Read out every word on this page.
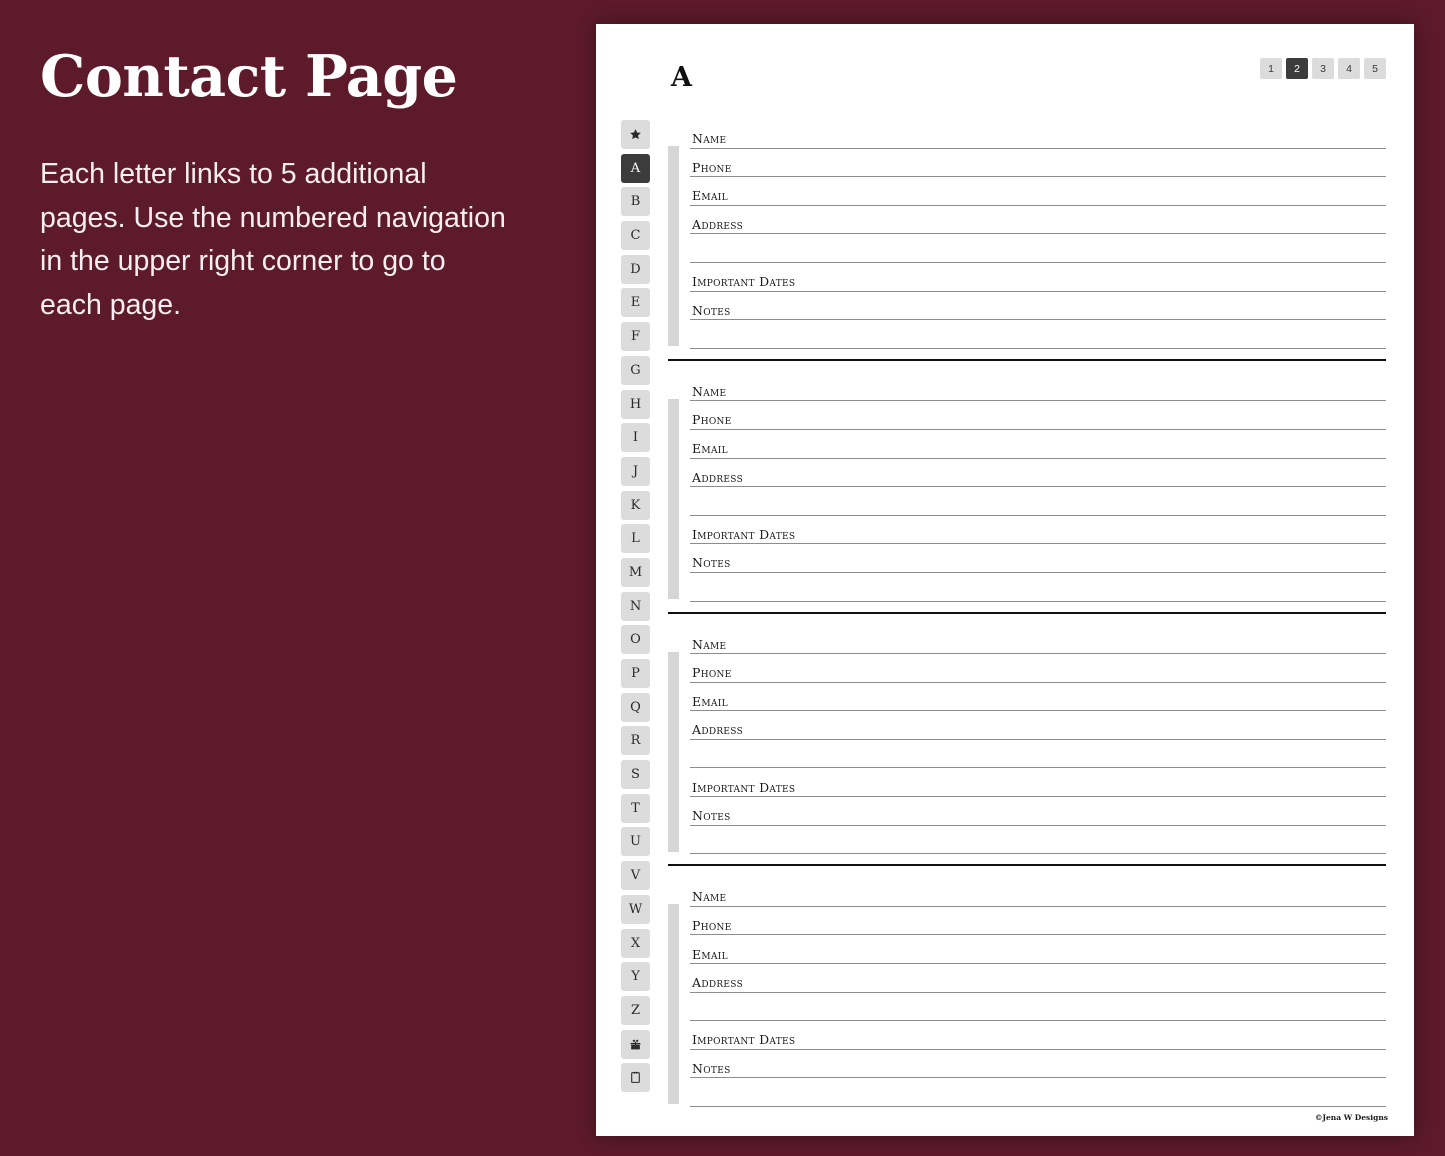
Contact Page

Each letter links to 5 additional pages. Use the numbered navigation in the upper right corner to go to each page.

A	1	2	3	4	5
A
B
C
D
E
F
G
H
I
J
K
L
M
N
O
P
Q
R
S
T
U
V
W
X
Y
Z
Name
Phone
Email
Address
Important Dates
Notes
Name
Phone
Email
Address
Important Dates
Notes
Name
Phone
Email
Address
Important Dates
Notes
Name
Phone
Email
Address
Important Dates
Notes
©Jena W Designs
